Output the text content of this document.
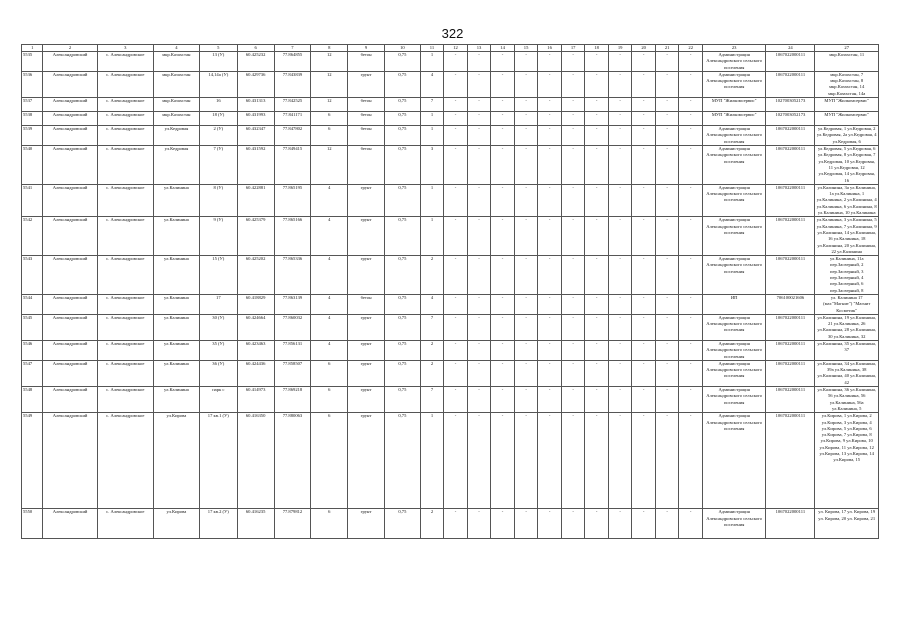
322
1	2	3	4	5	6	7	8	9	10	11	12	13	14	15	16	17	18	19	20	21	22	23	24	27
5535	Александровский	с. Александровское	мкр.Казахстан	13 (У)	60.425232	77.864855	12	бетон	0,75	1	-	-	-	-	-	-	-	-	-	-	-	Администрация Александровского сельского поселения	1067022000111	мкр.Казахстан, 11
5536	Александровский	с. Александровское	мкр.Казахстан	14,14а (У)	60.429736	77.843839	12	грунт	0,75	4	-	-	-	-	-	-	-	-	-	-	-	Администрация Александровского сельского поселения	1067022000111	мкр.Казахстан, 7 мкр.Казахстан, 8 мкр.Казахстан, 14 мкр.Казахстан, 14а
5537	Александровский	с. Александровское	мкр.Казахстан	16	60.431313	77.842525	12	бетон	0,75	7	-	-	-	-	-	-	-	-	-	-	-	МУП "Жилкомсервис"	1027003052173	МУП "Жилкомсервис"
5538	Александровский	с. Александровское	мкр.Казахстан	18 (У)	60.431993	77.841171	6	бетон	0,75	1	-	-	-	-	-	-	-	-	-	-	-	МУП "Жилкомсервис"	1027003052173	МУП "Жилкомсервис"
5539	Александровский	с. Александровское	ул.Кедровая	2 (У)	60.432347	77.847802	6	бетон	0,75	1	-	-	-	-	-	-	-	-	-	-	-	Администрация Александровского сельского поселения	1067022000111	ул.Кедровая, 1 ул.Кедровая, 2 ул.Кедровая, 2а ул.Кедровая, 4 ул.Кедровая, 6
5540	Александровский	с. Александровское	ул.Кедровая	7 (У)	60.431592	77.849415	12	бетон	0,75	3	-	-	-	-	-	-	-	-	-	-	-	Администрация Александровского сельского поселения	1067022000111	ул.Кедровая, 5 ул.Кедровая, 6 ул.Кедровая, 8 ул.Кедровая, 7 ул.Кедровая, 10 ул.Кедровая, 11 ул.Кедровая, 12 ул.Кедровая, 14 ул.Кедровая, 16
5541	Александровский	с. Александровское	ул.Калинина	8 (У)	60.422881	77.865195	4	грунт	0,75	1	-	-	-	-	-	-	-	-	-	-	-	Администрация Александровского сельского поселения	1067022000111	ул.Калинина, 3а ул.Калинина, 1а ул.Калинина, 1 ул.Калинина, 2 ул.Калинина, 4 ул.Калинина, 6 ул.Калинина, 8 ул.Калинина, 10 ул.Калинина
5542	Александровский	с. Александровское	ул.Калинина	9 (У)	60.425379	77.865166	4	грунт	0,75	1	-	-	-	-	-	-	-	-	-	-	-	Администрация Александровского сельского поселения	1067022000111	ул.Калинина, 3 ул.Калинина, 5 ул.Калинина, 7 ул.Калинина, 9 ул.Калинина, 14 ул.Калинина, 16 ул.Калинина, 18 ул.Калинина, 20 ул.Калинина, 22 ул.Калинина
5543	Александровский	с. Александровское	ул.Калинина	15 (У)	60.425202	77.865336	4	грунт	0,75	2	-	-	-	-	-	-	-	-	-	-	-	Администрация Александровского сельского поселения	1067022000111	ул.Калинина, 11а пер.Заозерный, 2 пер.Заозерный, 3 пер.Заозерный, 4 пер.Заозерный, 6 пер.Заозерный, 8
5544	Александровский	с. Александровское	ул.Калинина	17	60.418829	77.863139	4	бетон	0,75	4	-	-	-	-	-	-	-	-	-	-	-	ИП	706100021606	ул. Калинина 17 (маг."Магнит") "Магнит Косметик"
5545	Александровский	с. Александровское	ул.Калинина	30 (У)	60.424664	77.860032	4	грунт	0,75	7	-	-	-	-	-	-	-	-	-	-	-	Администрация Александровского сельского поселения	1067022000111	ул.Калинина, 19 ул.Калинина, 21 ул.Калинина, 26 ул.Калинина, 28 ул.Калинина, 30 ул.Калинина, 32
5546	Александровский	с. Александровское	ул.Калинина	35 (У)	60.423463	77.856131	4	грунт	0,75	2	-	-	-	-	-	-	-	-	-	-	-	Администрация Александровского сельского поселения	1067022000111	ул.Калинина, 35 ул.Калинина, 37
5547	Александровский	с. Александровское	ул.Калинина	36 (У)	60.424436	77.858507	6	грунт	0,75	2	-	-	-	-	-	-	-	-	-	-	-	Администрация Александровского сельского поселения	1067022000111	ул.Калинина, 34 ул.Калинина, 39а ул.Калинина, 38 ул.Калинина, 40 ул.Калинина, 42
5548	Александровский	с. Александровское	ул.Калинина	парк с	60.414973	77.869218	6	грунт	0,75	7	-	-	-	-	-	-	-	-	-	-	-	Администрация Александровского сельского поселения	1067022000111	ул.Калинина, 36 ул.Калинина, 56 ул.Калинина, 56 ул.Калинина, 56а ул.Калинина, 5
5549	Александровский	с. Александровское	ул.Кирова	17 кв.1 (У)	60.416350	77.880063	6	грунт	0,75	1	-	-	-	-	-	-	-	-	-	-	-	Администрация Александровского сельского поселения	1067022000111	ул.Кирова, 1 ул.Кирова, 2 ул.Кирова, 3 ул.Кирова, 4 ул.Кирова, 5 ул.Кирова, 6 ул.Кирова, 7 ул.Кирова, 8 ул.Кирова, 9 ул.Кирова, 10 ул.Кирова, 11 ул.Кирова, 12 ул.Кирова, 13 ул.Кирова, 14 ул.Кирова, 15
5550	Александровский	с. Александровское	ул.Кирова	17 кв.2 (У)	60.416235	77.879812	6	грунт	0,75	2	-	-	-	-	-	-	-	-	-	-	-	Администрация Александровского сельского поселения	1067022000111	ул. Кирова, 17 ул. Кирова, 19 ул. Кирова, 20 ул. Кирова, 21
